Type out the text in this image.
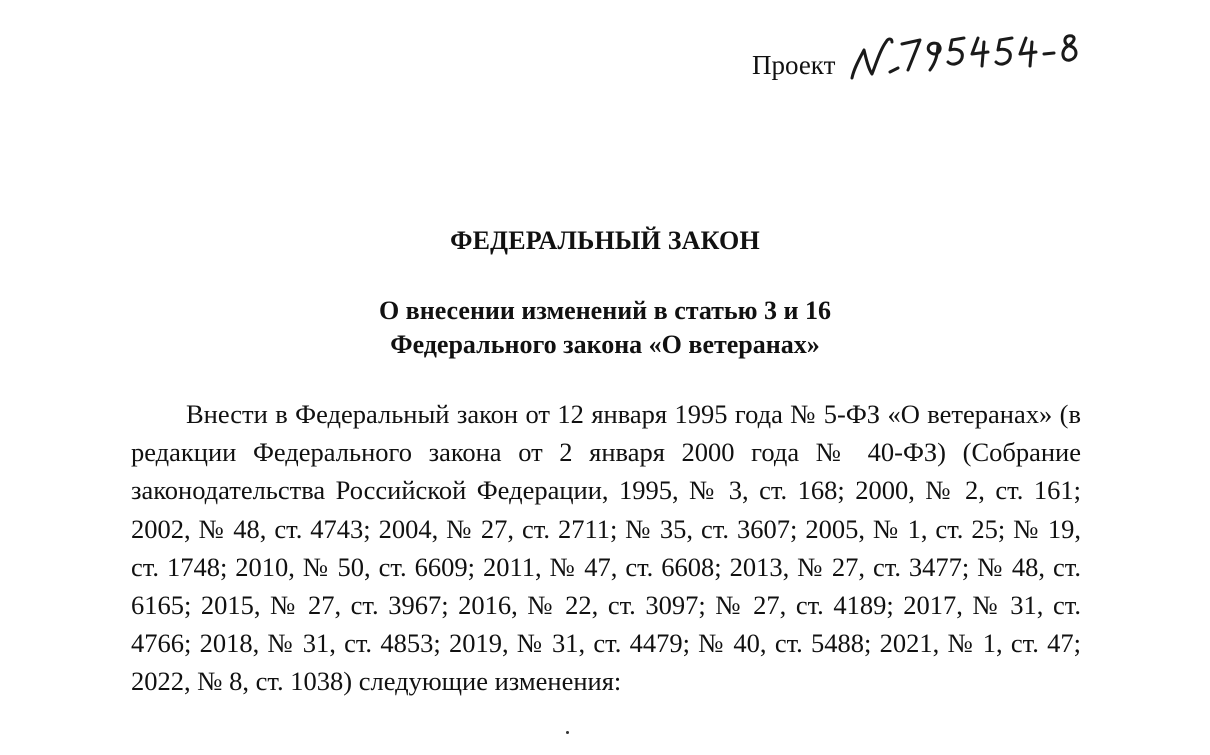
Проект
№795454-8
ФЕДЕРАЛЬНЫЙ ЗАКОН
О внесении изменений в статью 3 и 16
Федерального закона «О ветеранах»

Внести в Федеральный закон от 12 января 1995 года № 5-ФЗ «О ветеранах» (в редакции Федерального закона от 2 января 2000 года № 40-ФЗ) (Собрание законодательства Российской Федерации, 1995, № 3, ст. 168; 2000, № 2, ст. 161; 2002, № 48, ст. 4743; 2004, № 27, ст. 2711; № 35, ст. 3607; 2005, № 1, ст. 25; № 19, ст. 1748; 2010, № 50, ст. 6609; 2011, № 47, ст. 6608; 2013, № 27, ст. 3477; № 48, ст. 6165; 2015, № 27, ст. 3967; 2016, № 22, ст. 3097; № 27, ст. 4189; 2017, № 31, ст. 4766; 2018, № 31, ст. 4853; 2019, № 31, ст. 4479; № 40, ст. 5488; 2021, № 1, ст. 47; 2022, № 8, ст. 1038) следующие изменения:
